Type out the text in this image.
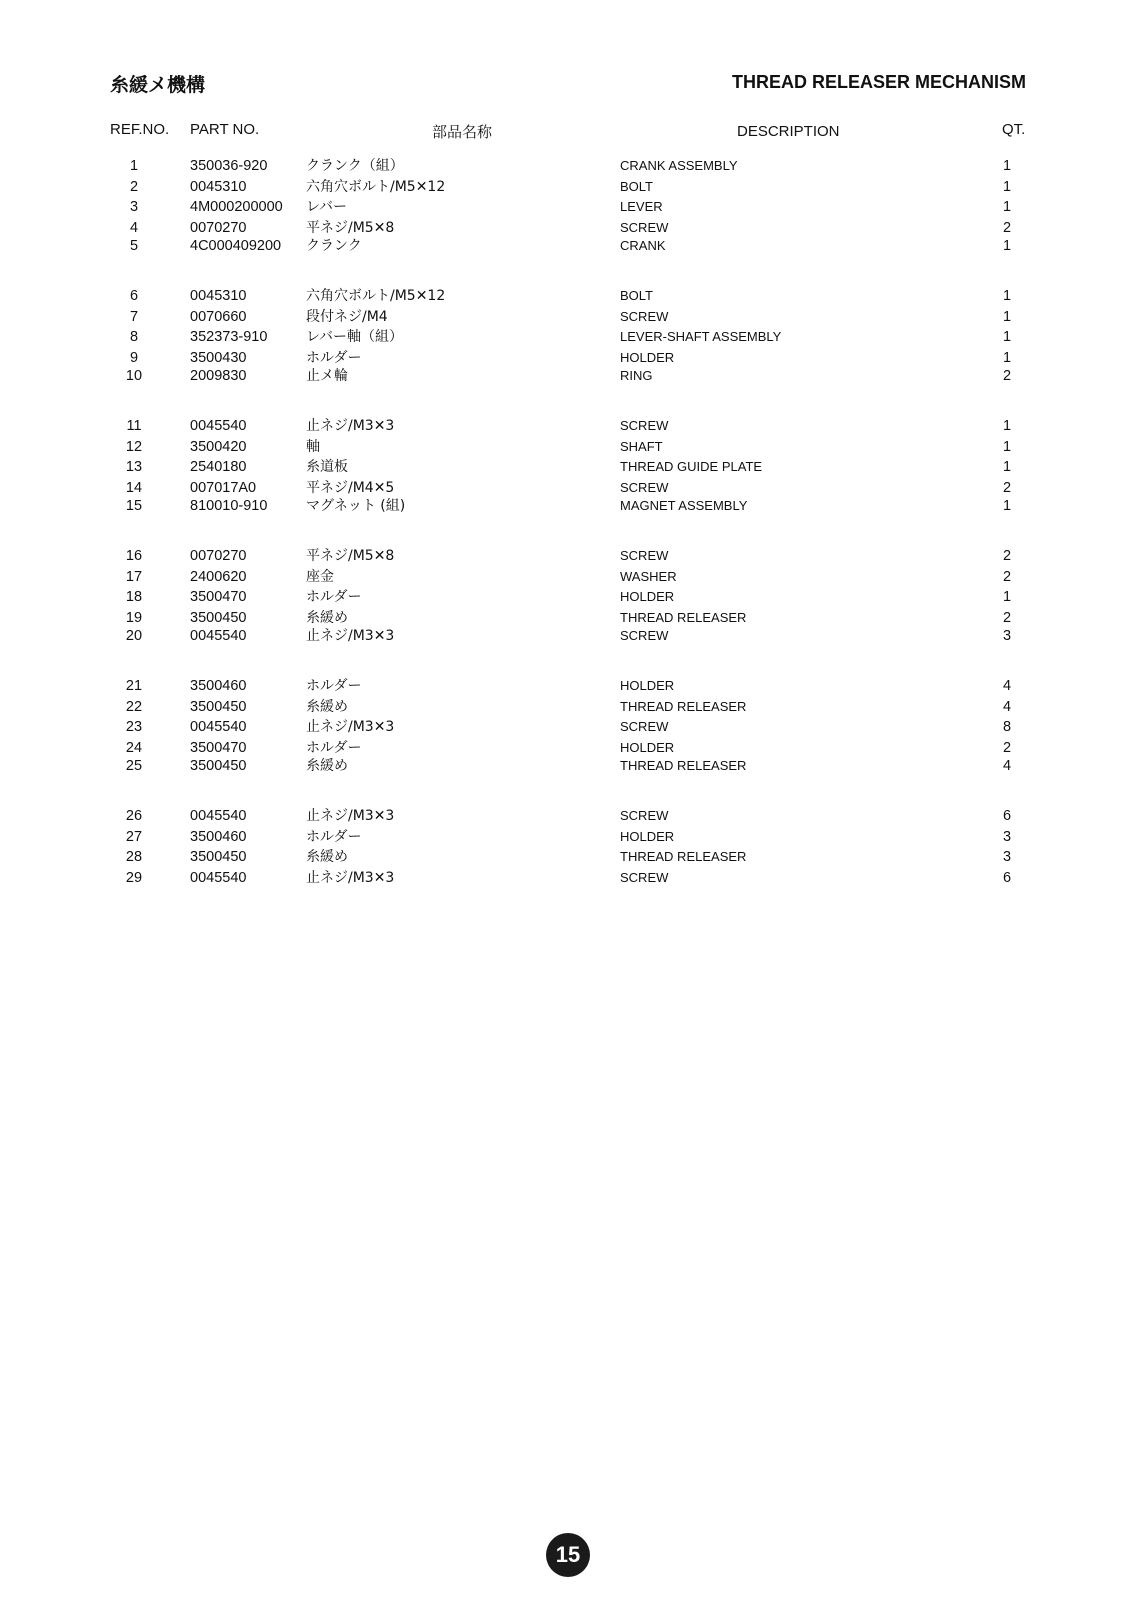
糸緩メ機構	THREAD RELEASER MECHANISM
REF.NO. PART NO.	部品名称	DESCRIPTION	QT.
1	350036-920	クランク（組）	CRANK ASSEMBLY	1
2	0045310	六角穴ボルト/M5✕12	BOLT	1
3	4M000200000 レバー	LEVER	1
4	0070270	平ネジ/M5✕8	SCREW	2
5	4C000409200 クランク	CRANK	1
6	0045310	六角穴ボルト/M5✕12	BOLT	1
7	0070660	段付ネジ/M4	SCREW	1
8	352373-910	レバー軸（組）	LEVER-SHAFT ASSEMBLY	1
9	3500430	ホルダー	HOLDER	1
10	2009830	止メ輪	RING	2
11	0045540	止ネジ/M3✕3	SCREW	1
12	3500420	軸	SHAFT	1
13	2540180	糸道板	THREAD GUIDE PLATE	1
14	007017A0	平ネジ/M4✕5	SCREW	2
15	810010-910	マグネット (組)	MAGNET ASSEMBLY	1
16	0070270	平ネジ/M5✕8	SCREW	2
17	2400620	座金	WASHER	2
18	3500470	ホルダー	HOLDER	1
19	3500450	糸緩め	THREAD RELEASER	2
20	0045540	止ネジ/M3✕3	SCREW	3
21	3500460	ホルダー	HOLDER	4
22	3500450	糸緩め	THREAD RELEASER	4
23	0045540	止ネジ/M3✕3	SCREW	8
24	3500470	ホルダー	HOLDER	2
25	3500450	糸緩め	THREAD RELEASER	4
26	0045540	止ネジ/M3✕3	SCREW	6
27	3500460	ホルダー	HOLDER	3
28	3500450	糸緩め	THREAD RELEASER	3
29	0045540	止ネジ/M3✕3	SCREW	6
15
